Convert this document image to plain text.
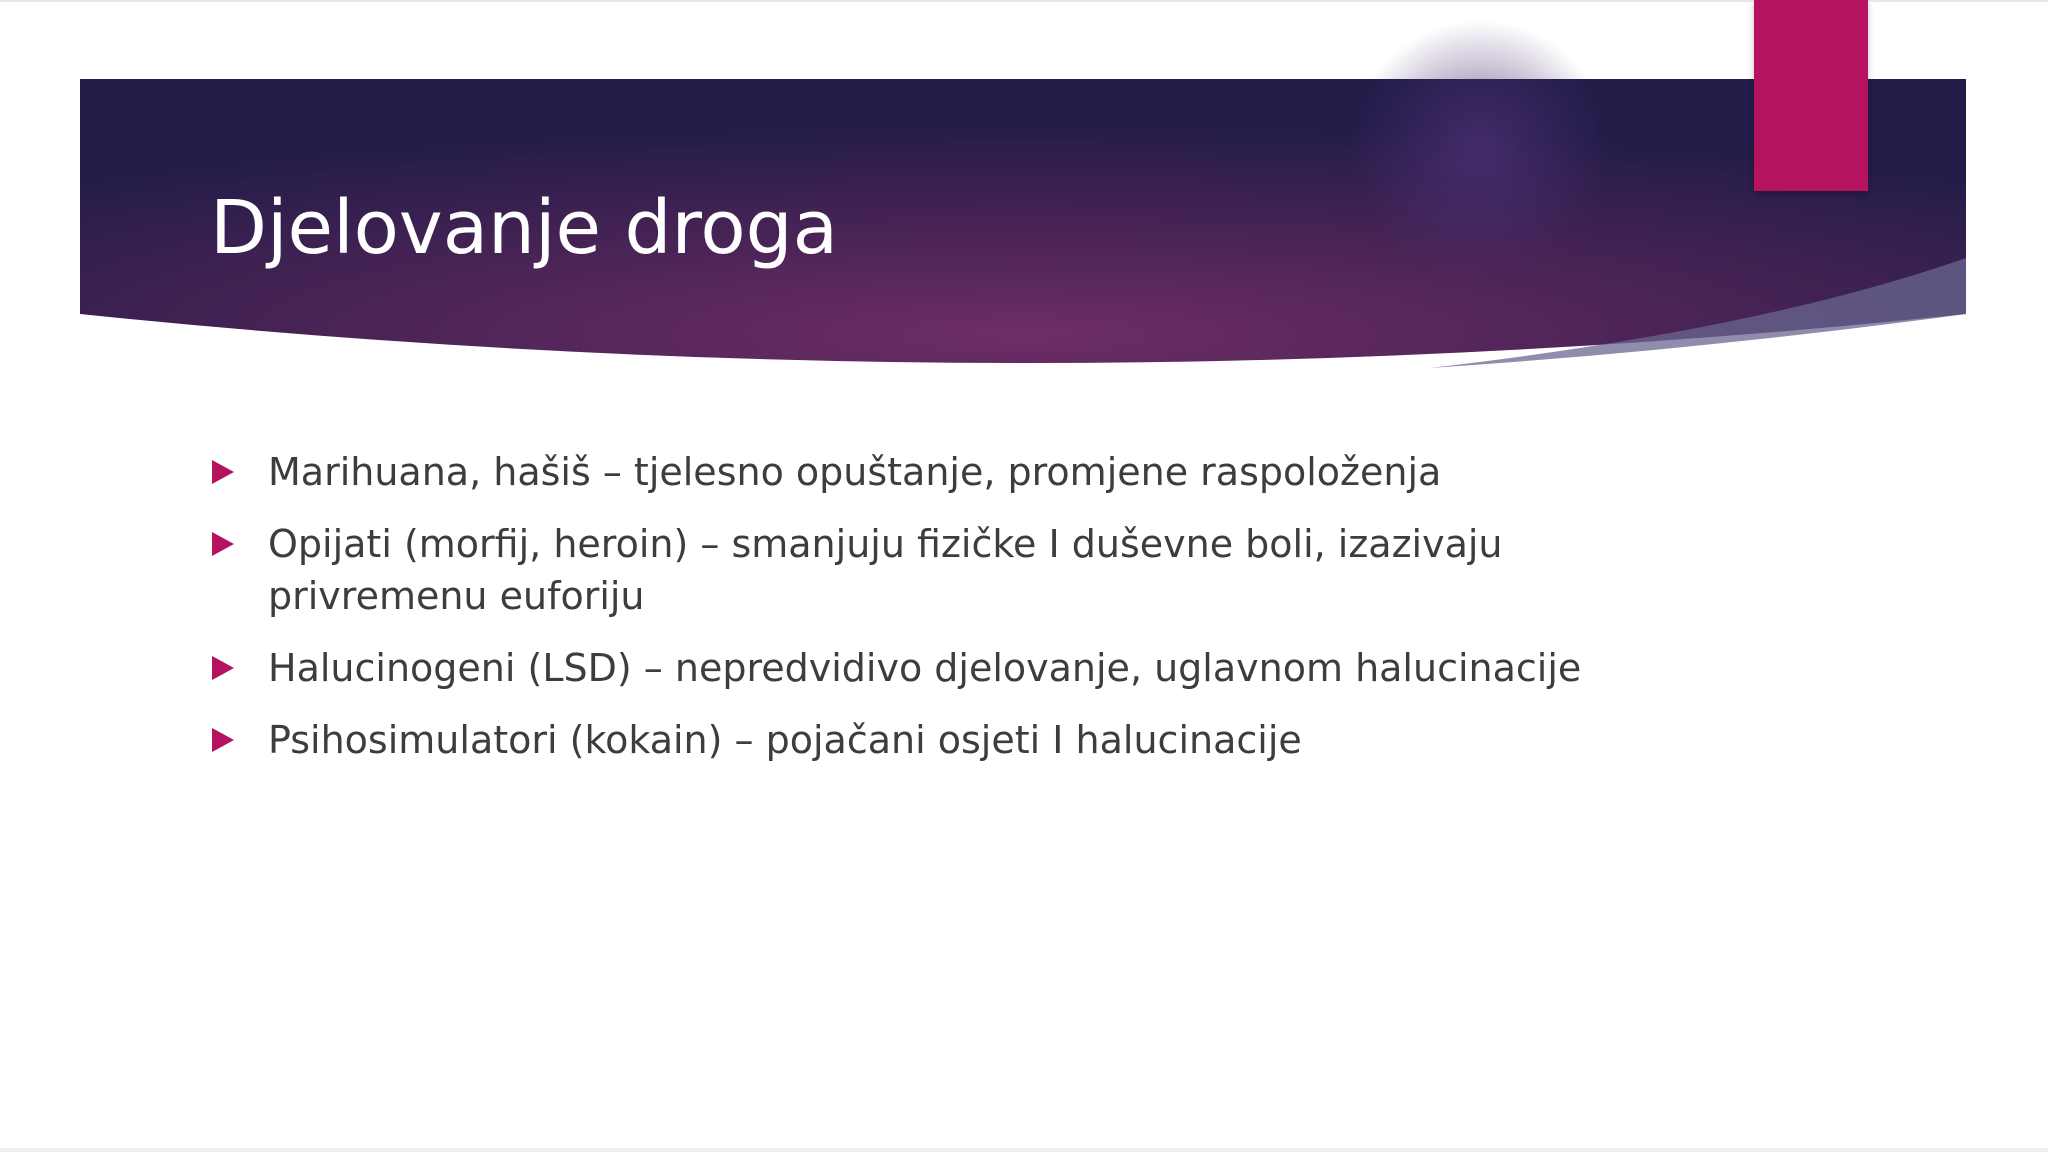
Djelovanje droga
Marihuana, hašiš – tjelesno opuštanje, promjene raspoloženja
Opijati (morfij, heroin) – smanjuju fizičke I duševne boli, izazivaju privremenu euforiju
Halucinogeni (LSD) – nepredvidivo djelovanje, uglavnom halucinacije
Psihosimulatori (kokain) – pojačani osjeti I halucinacije
